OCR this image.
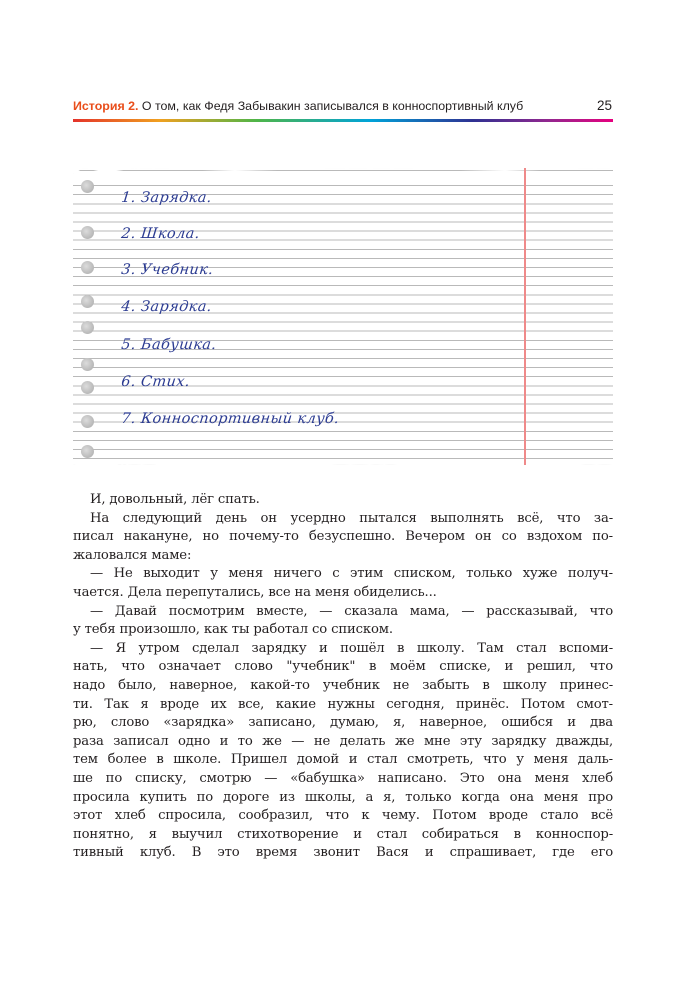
История 2. О том, как Федя Забывакин записывался в конноспортивный клуб	25
1. Зарядка.
2. Школа.
3. Учебник.
4. Зарядка.
5. Бабушка.
6. Стих.
7. Конноспортивный клуб.

И, довольный, лёг спать.

На следующий день он усердно пытался выполнять всё, что за-
писал накануне, но почему-то безуспешно. Вечером он со вздохом по-
жаловался маме:

— Не выходит у меня ничего с этим списком, только хуже получ-
чается. Дела перепутались, все на меня обиделись...

— Давай посмотрим вместе, — сказала мама, — рассказывай, что
у тебя произошло, как ты работал со списком.

— Я утром сделал зарядку и пошёл в школу. Там стал вспоми-
нать, что означает слово "учебник" в моём списке, и решил, что
надо было, наверное, какой-то учебник не забыть в школу принес-
ти. Так я вроде их все, какие нужны сегодня, принёс. Потом смот-
рю, слово «зарядка» записано, думаю, я, наверное, ошибся и два
раза записал одно и то же — не делать же мне эту зарядку дважды,
тем более в школе. Пришел домой и стал смотреть, что у меня даль-
ше по списку, смотрю — «бабушка» написано. Это она меня хлеб
просила купить по дороге из школы, а я, только когда она меня про
этот хлеб спросила, сообразил, что к чему. Потом вроде стало всё
понятно, я выучил стихотворение и стал собираться в конноспор-
тивный клуб. В это время звонит Вася и спрашивает, где его
